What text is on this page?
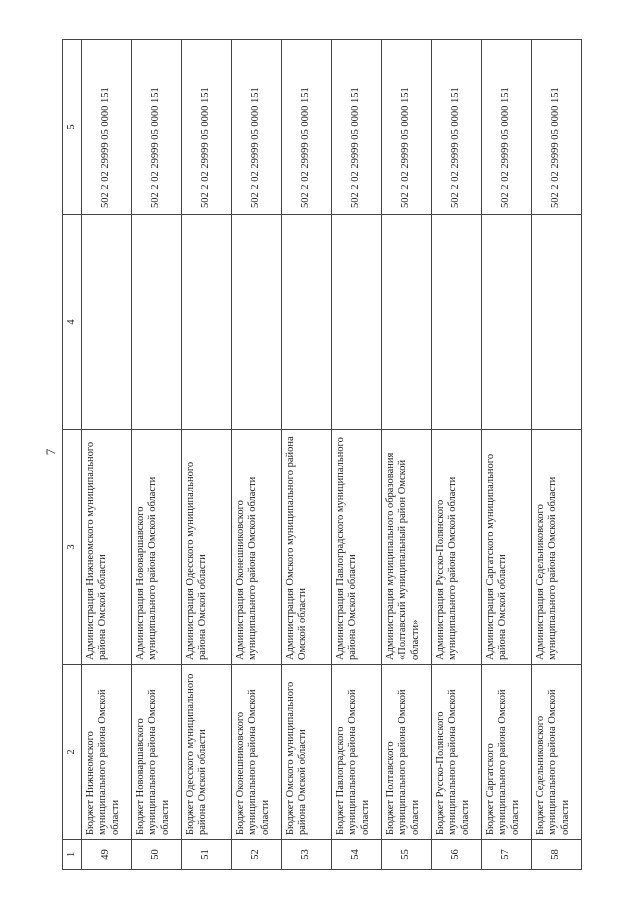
7
1	2	3	4	5
49	Бюджет Нижнеомского муниципального района Омской области	Администрация Нижнеомского муниципального района Омской области		502 2 02 29999 05 0000 151
50	Бюджет Нововаршавского муниципального района Омской области	Администрация Нововаршавского муниципального района Омской области		502 2 02 29999 05 0000 151
51	Бюджет Одесского муниципального района Омской области	Администрация Одесского муниципального района Омской области		502 2 02 29999 05 0000 151
52	Бюджет Оконешниковского муниципального района Омской области	Администрация Оконешниковского муниципального района Омской области		502 2 02 29999 05 0000 151
53	Бюджет Омского муниципального района Омской области	Администрация Омского муниципального района Омской области		502 2 02 29999 05 0000 151
54	Бюджет Павлоградского муниципального района Омской области	Администрация Павлоградского муниципального района Омской области		502 2 02 29999 05 0000 151
55	Бюджет Полтавского муниципального района Омской области	Администрация муниципального образования «Полтавский муниципальный район Омской области»		502 2 02 29999 05 0000 151
56	Бюджет Русско-Полянского муниципального района Омской области	Администрация Русско-Полянского муниципального района Омской области		502 2 02 29999 05 0000 151
57	Бюджет Саргатского муниципального района Омской области	Администрация Саргатского муниципального района Омской области		502 2 02 29999 05 0000 151
58	Бюджет Седельниковского муниципального района Омской области	Администрация Седельниковского муниципального района Омской области		502 2 02 29999 05 0000 151
